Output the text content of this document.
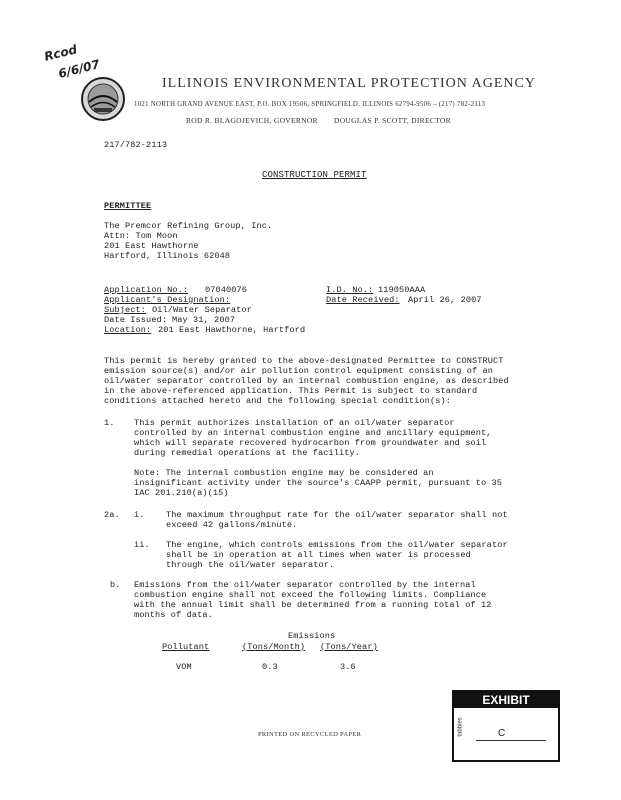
Rcod
6/6/07
ILLINOIS ENVIRONMENTAL PROTECTION AGENCY
1021 NORTH GRAND AVENUE EAST, P.O. BOX 19506, SPRINGFIELD, ILLINOIS 62794-9506 – (217) 782-2113
ROD R. BLAGOJEVICH, GOVERNOR DOUGLAS P. SCOTT, DIRECTOR
217/782-2113
CONSTRUCTION PERMIT
PERMITTEE
The Premcor Refining Group, Inc.
Attn: Tom Moon
201 East Hawthorne
Hartford, Illinois 62048
Application No.: 07040076	I.D. No.: 119050AAA
Applicant's Designation:	Date Received: April 26, 2007
Subject: Oil/Water Separator
Date Issued: May 31, 2007
Location: 201 East Hawthorne, Hartford
This permit is hereby granted to the above-designated Permittee to CONSTRUCT
emission source(s) and/or air pollution control equipment consisting of an
oil/water separator controlled by an internal combustion engine, as described
in the above-referenced application. This Permit is subject to standard
conditions attached hereto and the following special condition(s):
1. This permit authorizes installation of an oil/water separator
controlled by an internal combustion engine and ancillary equipment,
which will separate recovered hydrocarbon from groundwater and soil
during remedial operations at the facility.
Note: The internal combustion engine may be considered an
insignificant activity under the source's CAAPP permit, pursuant to 35
IAC 201.210(a)(15)
2a. i. The maximum throughput rate for the oil/water separator shall not
exceed 42 gallons/minute.
ii. The engine, which controls emissions from the oil/water separator
shall be in operation at all times when water is processed
through the oil/water separator.
b. Emissions from the oil/water separator controlled by the internal
combustion engine shall not exceed the following limits. Compliance
with the annual limit shall be determined from a running total of 12
months of data.
Emissions
Pollutant	(Tons/Month) (Tons/Year)
VOM	0.3	3.6
EXHIBIT
tabbies	C
PRINTED ON RECYCLED PAPER
